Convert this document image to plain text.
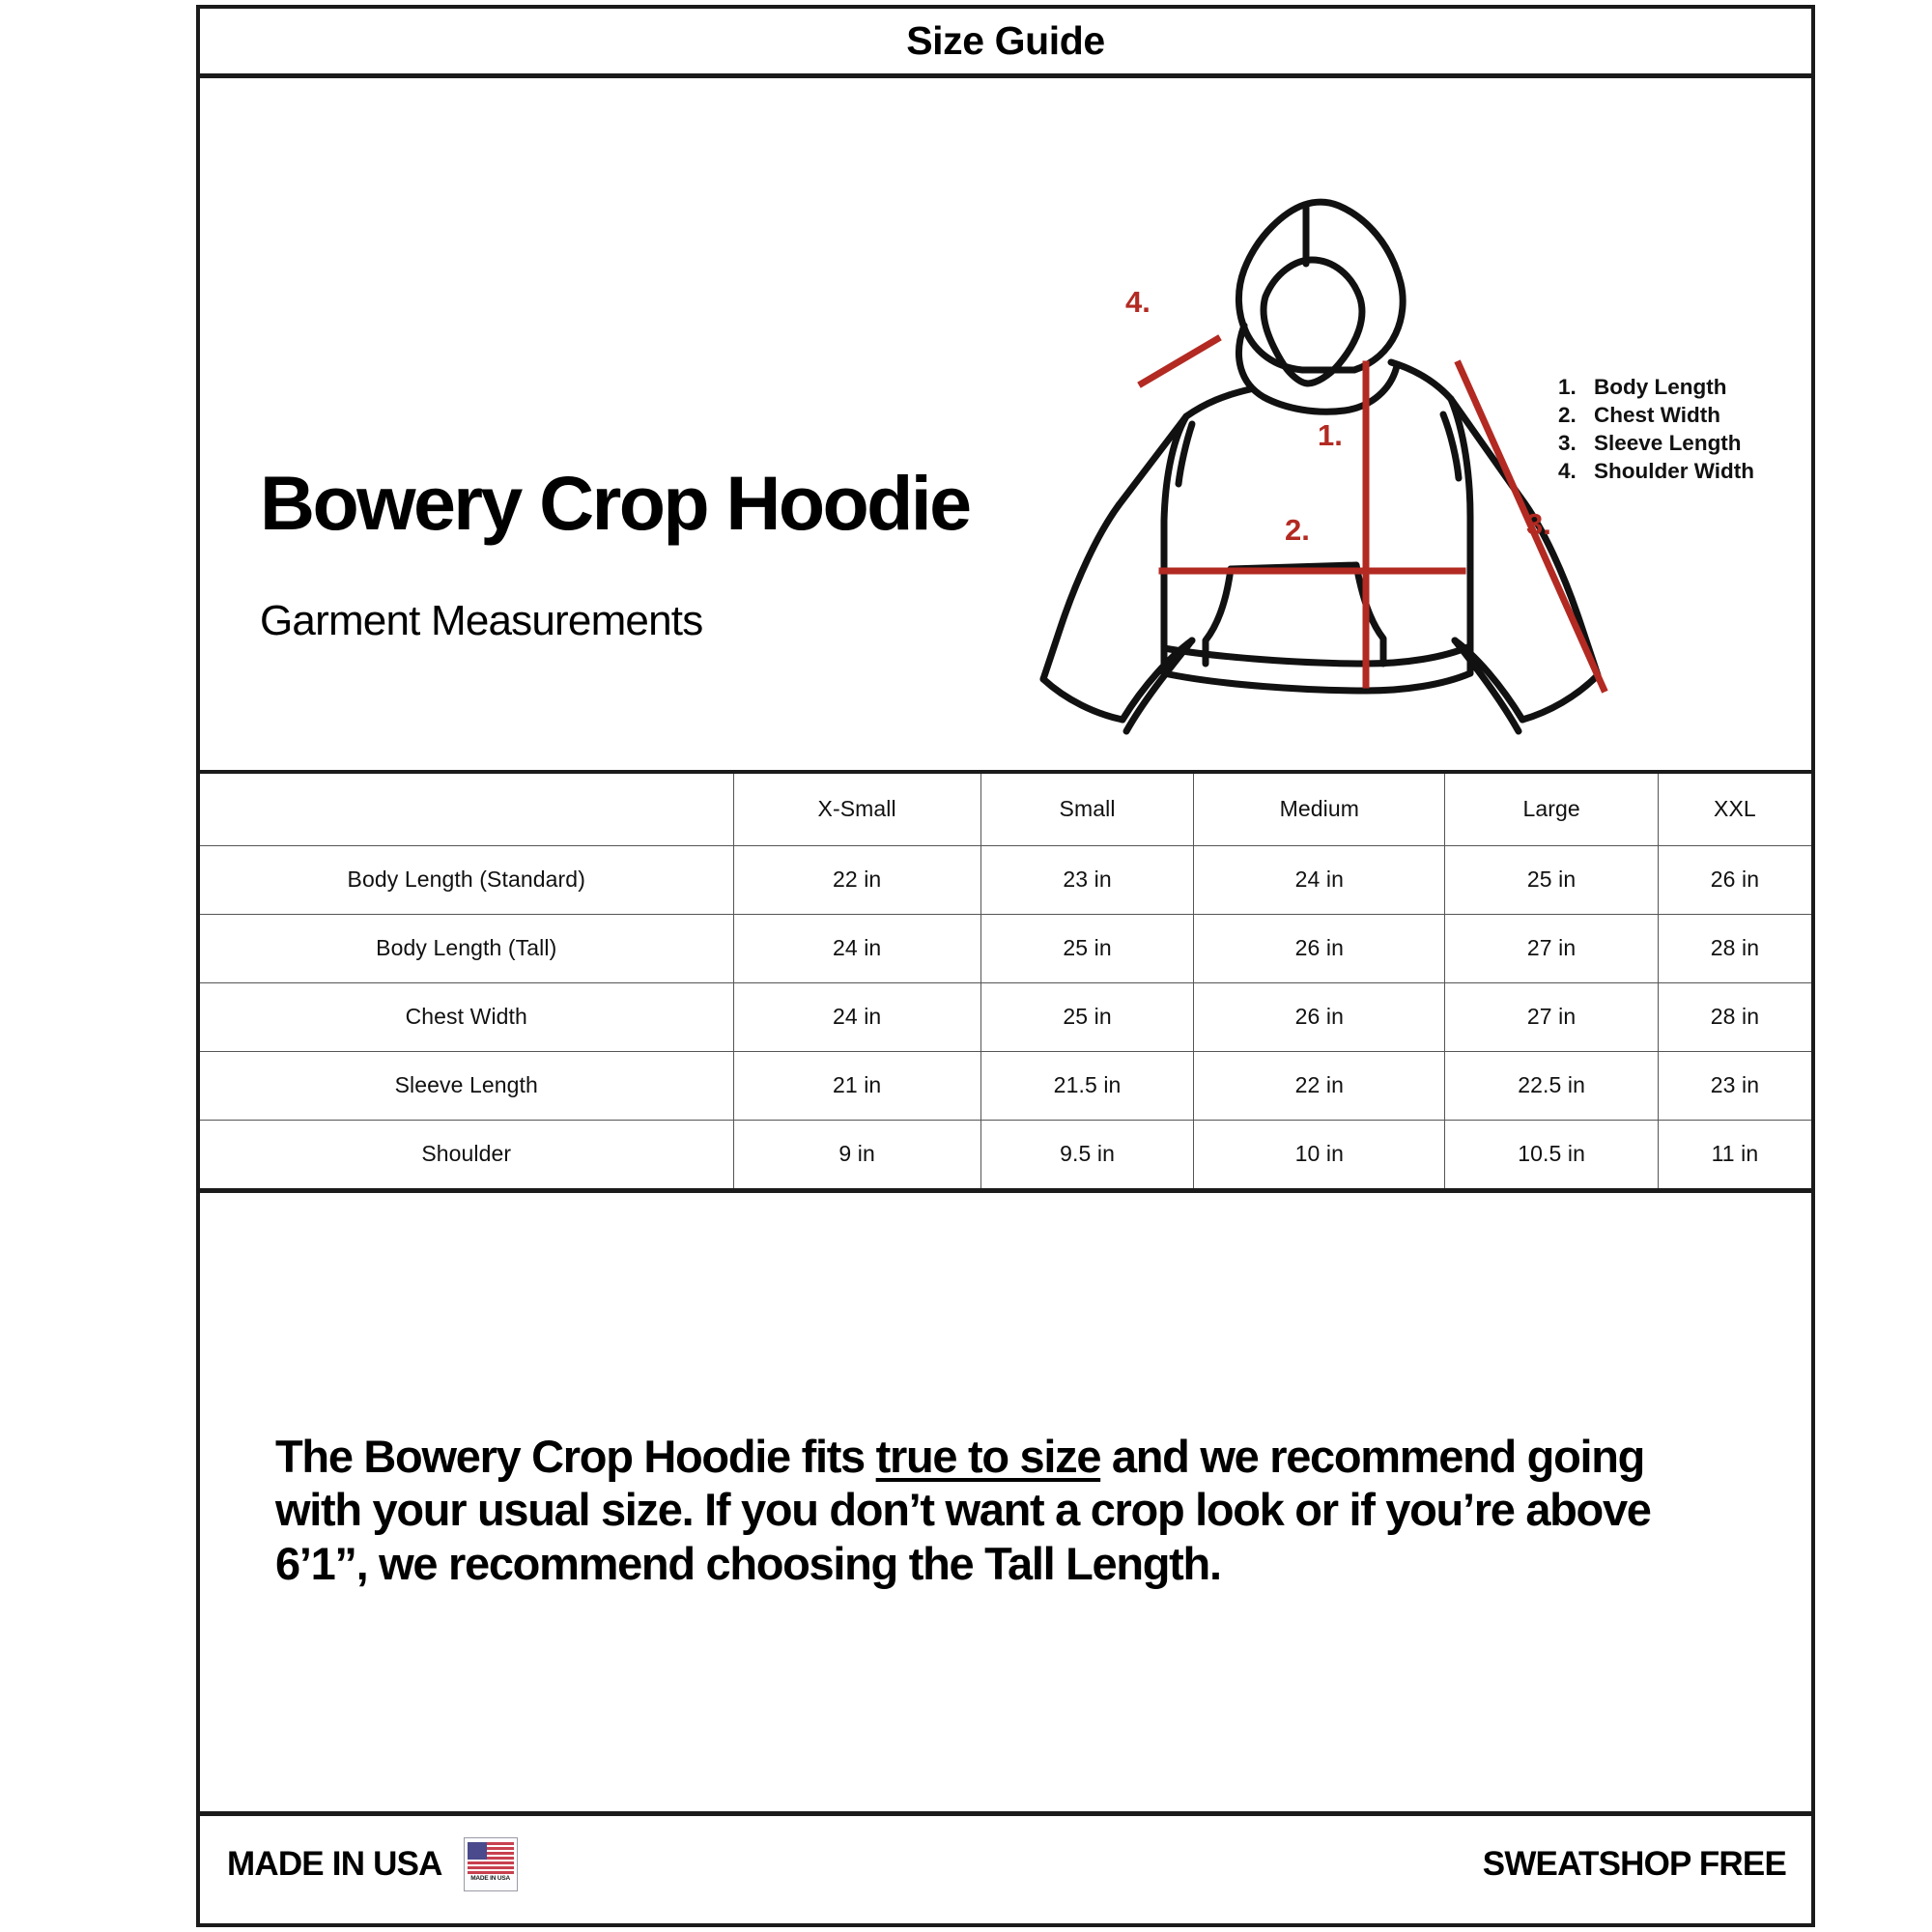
Size Guide
Bowery Crop Hoodie
Garment Measurements
1.
2.	3.
4.
1. Body Length
2. Chest Width
3. Sleeve Length
4. Shoulder Width
	X-Small	Small	Medium	Large	XXL
Body Length (Standard)	22 in	23 in	24 in	25 in	26 in
Body Length (Tall)	24 in	25 in	26 in	27 in	28 in
Chest Width	24 in	25 in	26 in	27 in	28 in
Sleeve Length	21 in	21.5 in	22 in	22.5 in	23 in
Shoulder	9 in	9.5 in	10 in	10.5 in	11 in

The Bowery Crop Hoodie fits true to size and we recommend going with your usual size. If you don’t want a crop look or if you’re above 6’1”, we recommend choosing the Tall Length.

MADE IN USA	MADE IN USA	SWEATSHOP FREE
